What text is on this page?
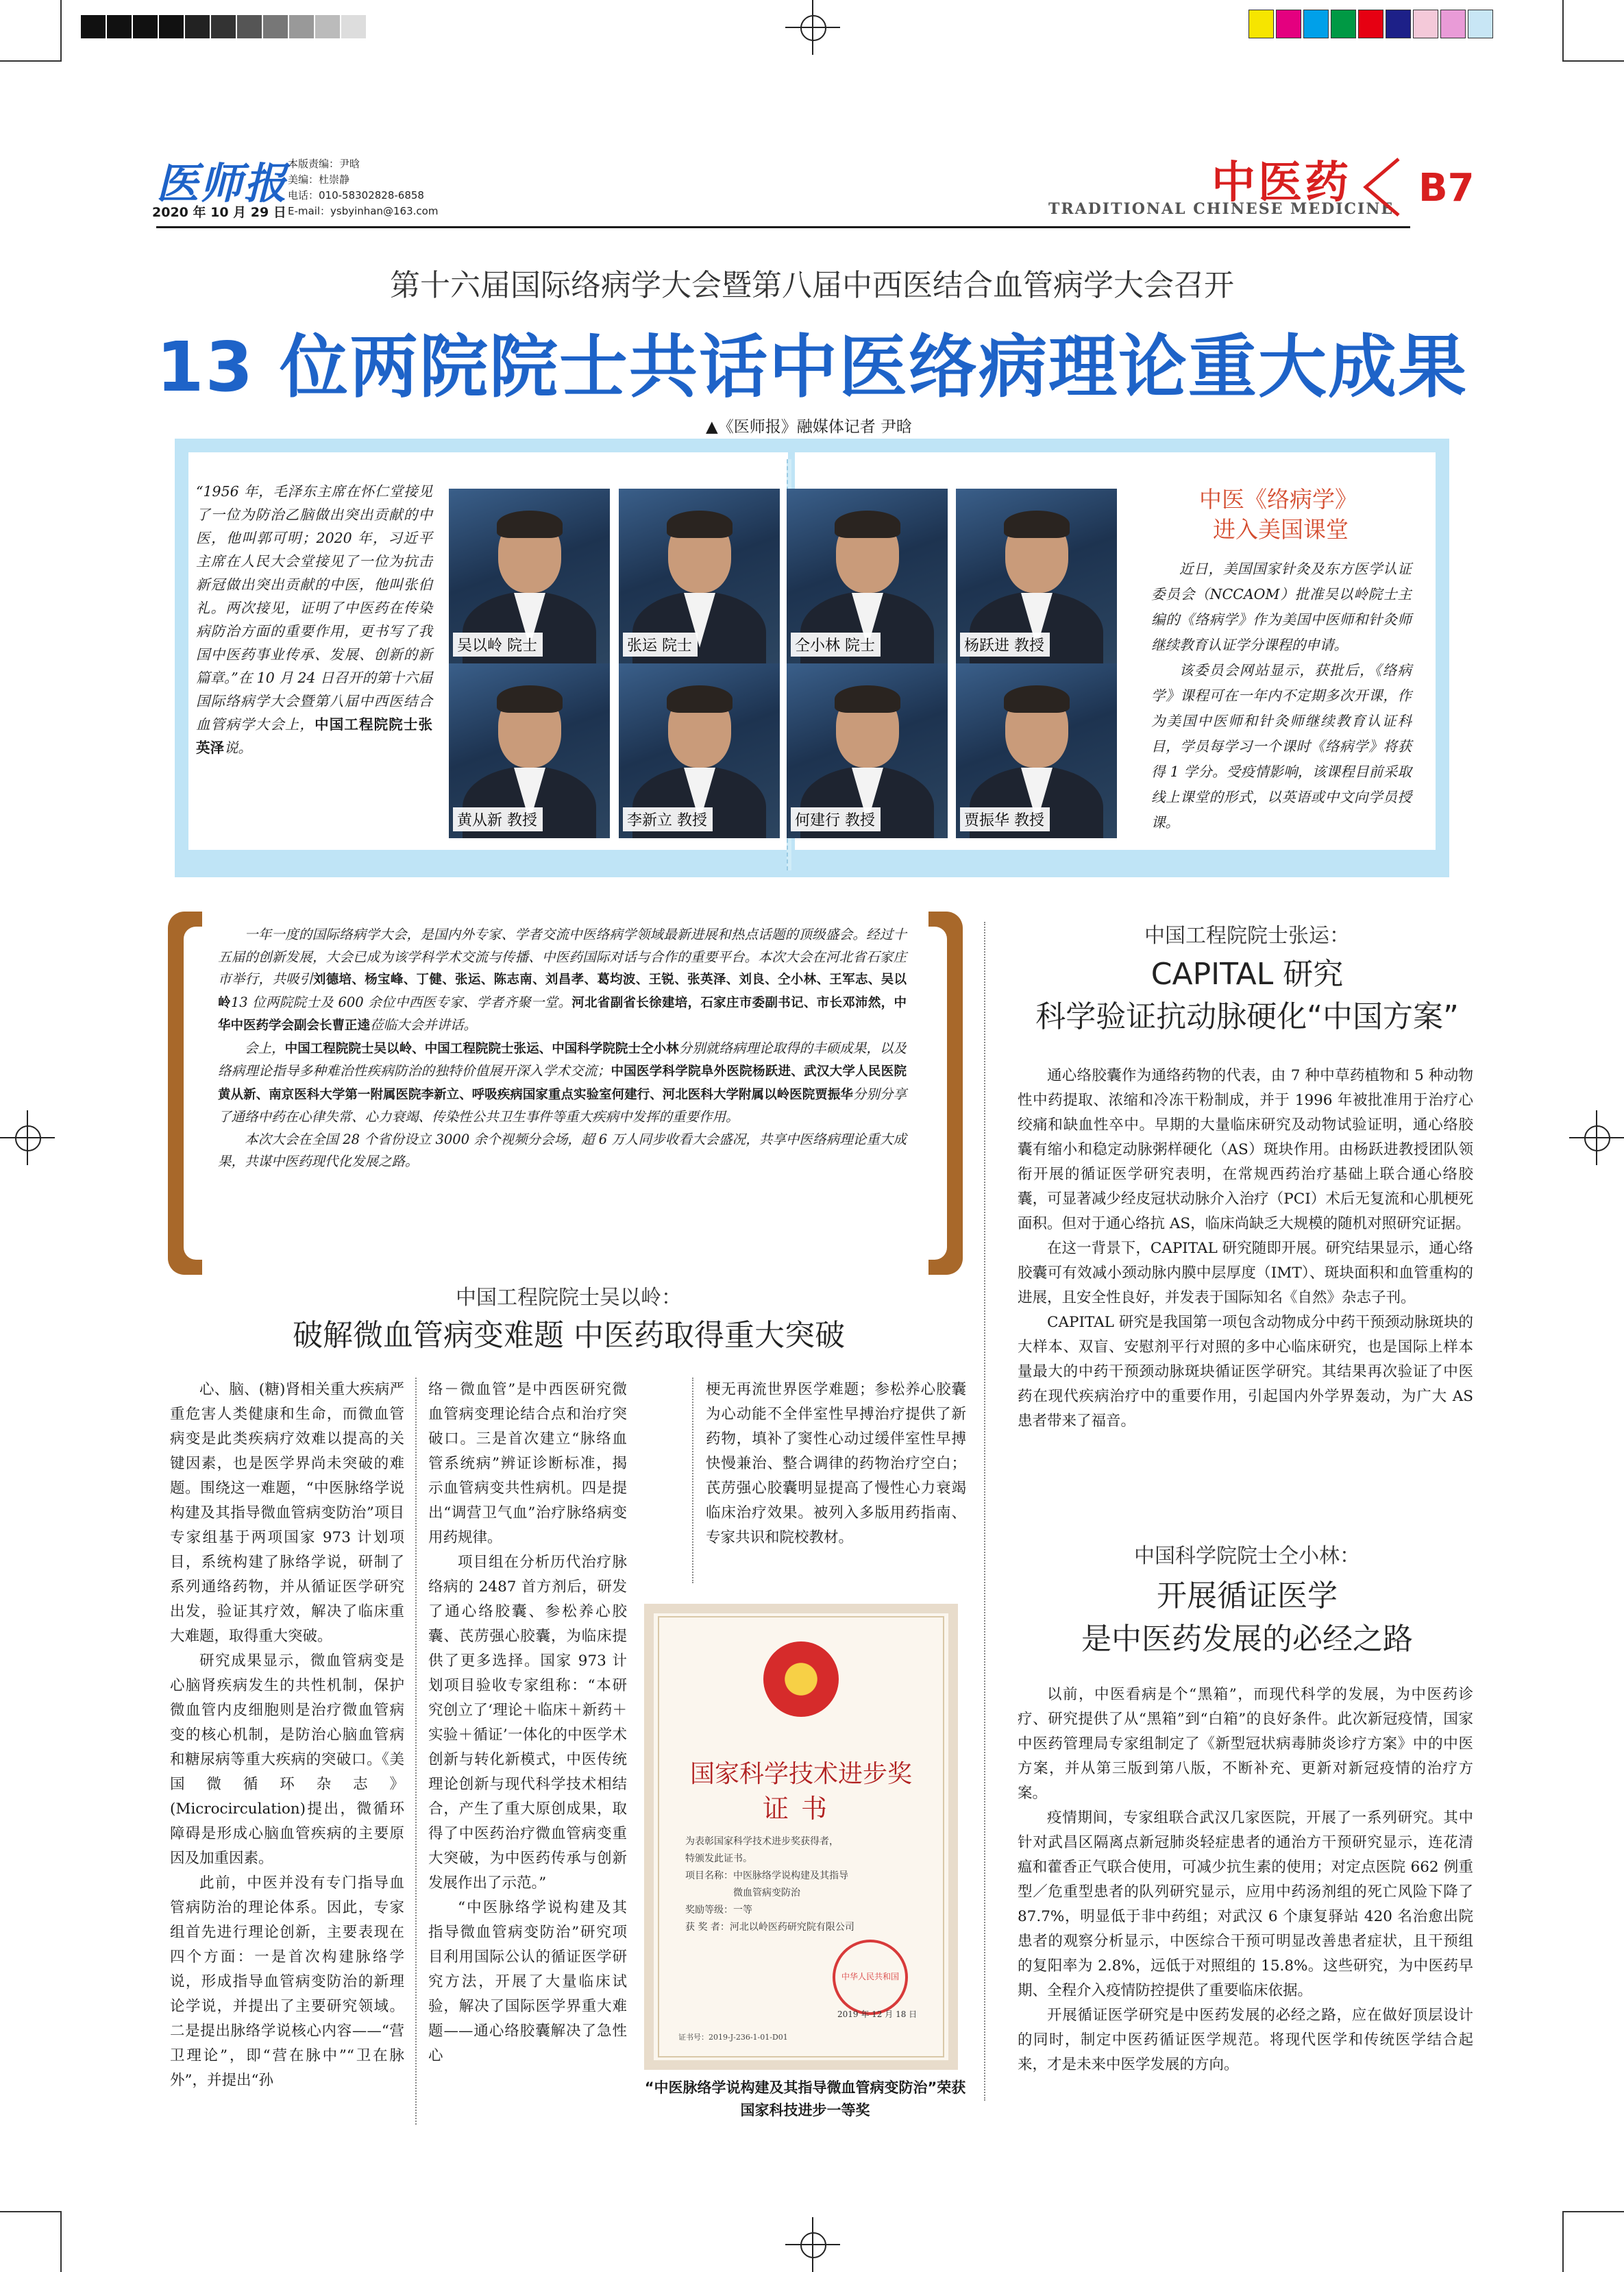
医师报
2020 年 10 月 29 日
本版责编：尹晗
美编：杜崇静
电话：010-58302828-6858
E-mail：ysbyinhan@163.com
中医药
TRADITIONAL CHINESE MEDICINE B7
第十六届国际络病学大会暨第八届中西医结合血管病学大会召开
13 位两院院士共话中医络病理论重大成果
▲《医师报》融媒体记者 尹晗
“1956 年，毛泽东主席在怀仁堂接见了一位为防治乙脑做出突出贡献的中医，他叫郭可明；2020 年，习近平主席在人民大会堂接见了一位为抗击新冠做出突出贡献的中医，他叫张伯礼。两次接见，证明了中医药在传染病防治方面的重要作用，更书写了我国中医药事业传承、发展、创新的新篇章。”在 10 月 24 日召开的第十六届国际络病学大会暨第八届中西医结合血管病学大会上，中国工程院院士张英泽说。
吴以岭 院士	张运 院士	仝小林 院士	杨跃进 教授
黄从新 教授	李新立 教授	何建行 教授	贾振华 教授
中医《络病学》
进入美国课堂

近日，美国国家针灸及东方医学认证委员会（NCCAOM）批准吴以岭院士主编的《络病学》作为美国中医师和针灸师继续教育认证学分课程的申请。

该委员会网站显示，获批后，《络病学》课程可在一年内不定期多次开课，作为美国中医师和针灸师继续教育认证科目，学员每学习一个课时《络病学》将获得 1 学分。受疫情影响，该课程目前采取线上课堂的形式，以英语或中文向学员授课。

一年一度的国际络病学大会，是国内外专家、学者交流中医络病学领域最新进展和热点话题的顶级盛会。经过十五届的创新发展，大会已成为该学科学术交流与传播、中医药国际对话与合作的重要平台。本次大会在河北省石家庄市举行，共吸引刘德培、杨宝峰、丁健、张运、陈志南、刘昌孝、葛均波、王锐、张英泽、刘良、仝小林、王军志、吴以岭13 位两院院士及 600 余位中西医专家、学者齐聚一堂。河北省副省长徐建培，石家庄市委副书记、市长邓沛然，中华中医药学会副会长曹正逵莅临大会并讲话。

会上，中国工程院院士吴以岭、中国工程院院士张运、中国科学院院士仝小林分别就络病理论取得的丰硕成果，以及络病理论指导多种难治性疾病防治的独特价值展开深入学术交流；中国医学科学院阜外医院杨跃进、武汉大学人民医院黄从新、南京医科大学第一附属医院李新立、呼吸疾病国家重点实验室何建行、河北医科大学附属以岭医院贾振华分别分享了通络中药在心律失常、心力衰竭、传染性公共卫生事件等重大疾病中发挥的重要作用。

本次大会在全国 28 个省份设立 3000 余个视频分会场，超 6 万人同步收看大会盛况，共享中医络病理论重大成果，共谋中医药现代化发展之路。

中国工程院院士吴以岭：
破解微血管病变难题 中医药取得重大突破

心、脑、(糖)肾相关重大疾病严重危害人类健康和生命，而微血管病变是此类疾病疗效难以提高的关键因素，也是医学界尚未突破的难题。围绕这一难题，“中医脉络学说构建及其指导微血管病变防治”项目专家组基于两项国家 973 计划项目，系统构建了脉络学说，研制了系列通络药物，并从循证医学研究出发，验证其疗效，解决了临床重大难题，取得重大突破。

研究成果显示，微血管病变是心脑肾疾病发生的共性机制，保护微血管内皮细胞则是治疗微血管病变的核心机制，是防治心脑血管病和糖尿病等重大疾病的突破口。《美国微循环杂志》(Microcirculation)提出，微循环障碍是形成心脑血管疾病的主要原因及加重因素。

此前，中医并没有专门指导血管病防治的理论体系。因此，专家组首先进行理论创新，主要表现在四个方面：一是首次构建脉络学说，形成指导血管病变防治的新理论学说，并提出了主要研究领域。二是提出脉络学说核心内容——“营卫理论”，即“营在脉中”“卫在脉外”，并提出“孙

络－微血管”是中西医研究微血管病变理论结合点和治疗突破口。三是首次建立“脉络血管系统病”辨证诊断标准，揭示血管病变共性病机。四是提出“调营卫气血”治疗脉络病变用药规律。

项目组在分析历代治疗脉络病的 2487 首方剂后，研发了通心络胶囊、参松养心胶囊、芪苈强心胶囊，为临床提供了更多选择。国家 973 计划项目验收专家组称：“本研究创立了‘理论＋临床＋新药＋实验＋循证’一体化的中医学术创新与转化新模式，中医传统理论创新与现代科学技术相结合，产生了重大原创成果，取得了中医药治疗微血管病变重大突破，为中医药传承与创新发展作出了示范。”

“中医脉络学说构建及其指导微血管病变防治”研究项目利用国际公认的循证医学研究方法，开展了大量临床试验，解决了国际医学界重大难题——通心络胶囊解决了急性心

梗无再流世界医学难题；参松养心胶囊为心动能不全伴室性早搏治疗提供了新药物，填补了窦性心动过缓伴室性早搏快慢兼治、整合调律的药物治疗空白；芪苈强心胶囊明显提高了慢性心力衰竭临床治疗效果。被列入多版用药指南、专家共识和院校教材。

国家科学技术进步奖
证书
为表彰国家科学技术进步奖获得者，
特颁发此证书。
项目名称：中医脉络学说构建及其指导
微血管病变防治
奖励等级：一等
获 奖 者：河北以岭医药研究院有限公司
中华人民共和国
2019 年 12 月 18 日
证书号：2019-J-236-1-01-D01
“中医脉络学说构建及其指导微血管病变防治”荣获国家科技进步一等奖
中国工程院院士张运：
CAPITAL 研究
科学验证抗动脉硬化“中国方案”

通心络胶囊作为通络药物的代表，由 7 种中草药植物和 5 种动物性中药提取、浓缩和冷冻干粉制成，并于 1996 年被批准用于治疗心绞痛和缺血性卒中。早期的大量临床研究及动物试验证明，通心络胶囊有缩小和稳定动脉粥样硬化（AS）斑块作用。由杨跃进教授团队领衔开展的循证医学研究表明，在常规西药治疗基础上联合通心络胶囊，可显著减少经皮冠状动脉介入治疗（PCI）术后无复流和心肌梗死面积。但对于通心络抗 AS，临床尚缺乏大规模的随机对照研究证据。

在这一背景下，CAPITAL 研究随即开展。研究结果显示，通心络胶囊可有效减小颈动脉内膜中层厚度（IMT）、斑块面积和血管重构的进展，且安全性良好，并发表于国际知名《自然》杂志子刊。

CAPITAL 研究是我国第一项包含动物成分中药干预颈动脉斑块的大样本、双盲、安慰剂平行对照的多中心临床研究，也是国际上样本量最大的中药干预颈动脉斑块循证医学研究。其结果再次验证了中医药在现代疾病治疗中的重要作用，引起国内外学界轰动，为广大 AS 患者带来了福音。

中国科学院院士仝小林：
开展循证医学
是中医药发展的必经之路

以前，中医看病是个“黑箱”，而现代科学的发展，为中医药诊疗、研究提供了从“黑箱”到“白箱”的良好条件。此次新冠疫情，国家中医药管理局专家组制定了《新型冠状病毒肺炎诊疗方案》中的中医方案，并从第三版到第八版，不断补充、更新对新冠疫情的治疗方案。

疫情期间，专家组联合武汉几家医院，开展了一系列研究。其中针对武昌区隔离点新冠肺炎轻症患者的通治方干预研究显示，连花清瘟和藿香正气联合使用，可减少抗生素的使用；对定点医院 662 例重型／危重型患者的队列研究显示，应用中药汤剂组的死亡风险下降了 87.7%，明显低于非中药组；对武汉 6 个康复驿站 420 名治愈出院患者的观察分析显示，中医综合干预可明显改善患者症状，且干预组的复阳率为 2.8%，远低于对照组的 15.8%。这些研究，为中医药早期、全程介入疫情防控提供了重要临床依据。

开展循证医学研究是中医药发展的必经之路，应在做好顶层设计的同时，制定中医药循证医学规范。将现代医学和传统医学结合起来，才是未来中医学发展的方向。
